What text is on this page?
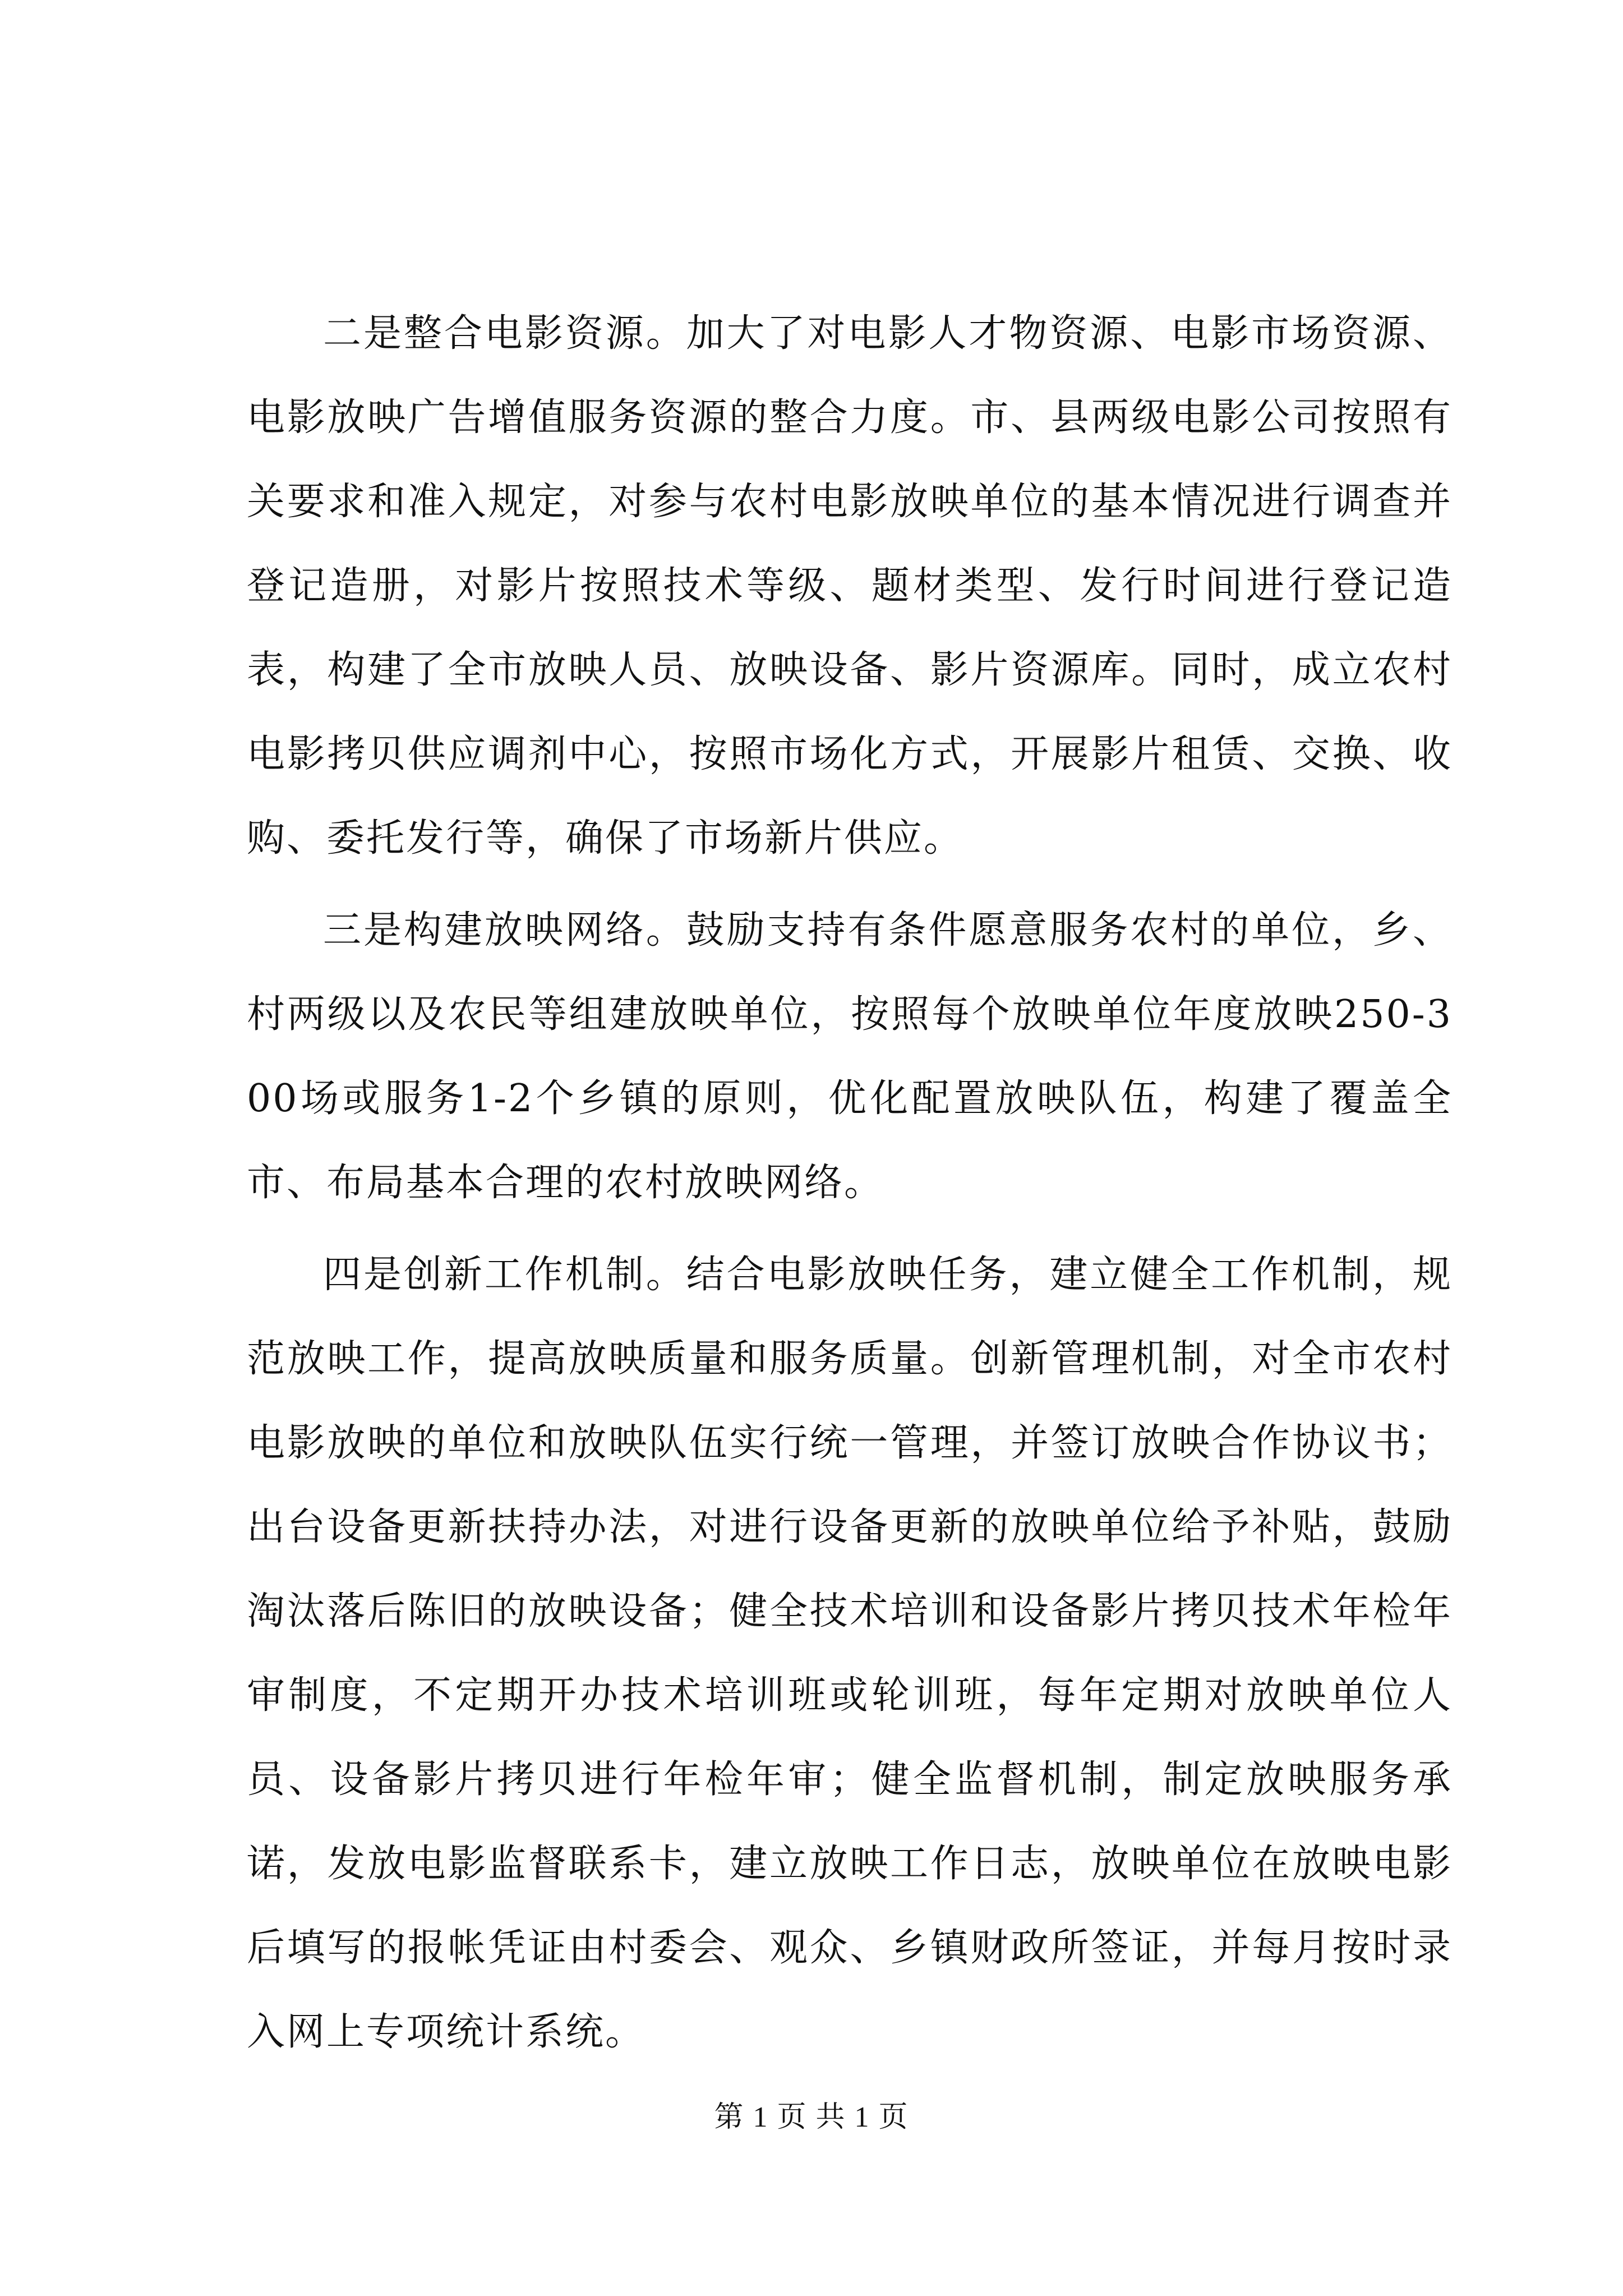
二是整合电影资源。加大了对电影人才物资源、电影市场资源、电影放映广告增值服务资源的整合力度。市、县两级电影公司按照有关要求和准入规定，对参与农村电影放映单位的基本情况进行调查并登记造册，对影片按照技术等级、题材类型、发行时间进行登记造表，构建了全市放映人员、放映设备、影片资源库。同时，成立农村电影拷贝供应调剂中心，按照市场化方式，开展影片租赁、交换、收购、委托发行等，确保了市场新片供应。

三是构建放映网络。鼓励支持有条件愿意服务农村的单位，乡、村两级以及农民等组建放映单位，按照每个放映单位年度放映250-300场或服务1-2个乡镇的原则，优化配置放映队伍，构建了覆盖全市、布局基本合理的农村放映网络。

四是创新工作机制。结合电影放映任务，建立健全工作机制，规范放映工作，提高放映质量和服务质量。创新管理机制，对全市农村电影放映的单位和放映队伍实行统一管理，并签订放映合作协议书；出台设备更新扶持办法，对进行设备更新的放映单位给予补贴，鼓励淘汰落后陈旧的放映设备；健全技术培训和设备影片拷贝技术年检年审制度，不定期开办技术培训班或轮训班，每年定期对放映单位人员、设备影片拷贝进行年检年审；健全监督机制，制定放映服务承诺，发放电影监督联系卡，建立放映工作日志，放映单位在放映电影后填写的报帐凭证由村委会、观众、乡镇财政所签证，并每月按时录入网上专项统计系统。

第 1 页 共 1 页
